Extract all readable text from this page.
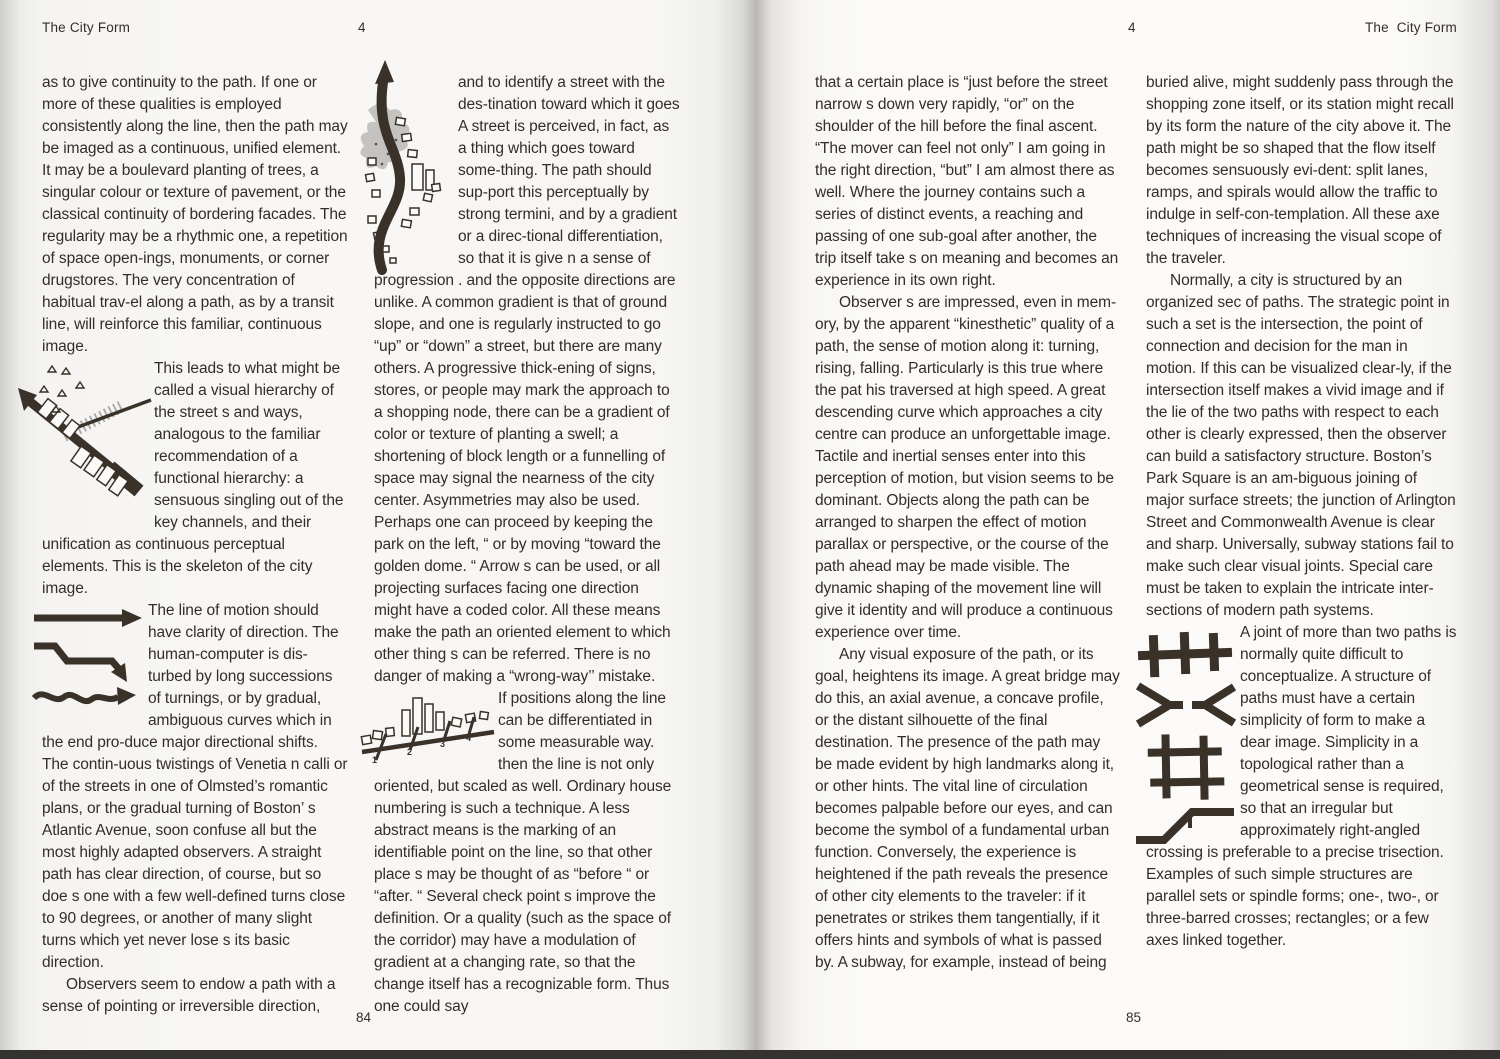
The City Form	4	4	The  City Form

as to give continuity to the path. If one or more of these qualities is employed consistently along the line, then the path may be imaged as a continuous, unified element. It may be a boulevard planting of trees, a singular colour or texture of pavement, or the classical continuity of bordering facades. The regularity may be a rhythmic one, a repetition of space open-ings, monuments, or corner drugstores. The very concentration of habitual trav-el along a path, as by a transit line, will reinforce this familiar, continuous image.

This leads to what might be called a visual hierarchy of the street s and ways, analogous to the familiar recommendation of a functional hierarchy: a sensuous singling out of the key channels, and their unification as continuous perceptual elements. This is the skeleton of the city image.

The line of motion should have clarity of direction. The human-computer is dis-turbed by long successions of turnings, or by gradual, ambiguous curves which in the end pro-duce major directional shifts. The contin-uous twistings of Venetia n calli or of the streets in one of Olmsted’s romantic plans, or the gradual turning of Boston’ s Atlantic Avenue, soon confuse all but the most highly adapted observers. A straight path has clear direction, of course, but so doe s one with a few well-defined turns close to 90 degrees, or another of many slight turns which yet never lose s its basic direction.

Observers seem to endow a path with a sense of pointing or irreversible direction,

and to identify a street with the des-tination toward which it goes A street is perceived, in fact, as a thing which goes toward some-thing. The path should sup-port this perceptually by strong termini, and by a gradient or a direc-tional differentiation, so that it is give n a sense of progression . and the opposite directions are unlike. A common gradient is that of ground slope, and one is regularly instructed to go “up” or “down” a street, but there are many others. A progressive thick-ening of signs, stores, or people may mark the approach to a shopping node, there can be a gradient of color or texture of planting a swell; a shortening of block length or a funnelling of space may signal the nearness of the city center. Asymmetries may also be used. Perhaps one can proceed by keeping the park on the left, “ or by moving “toward the golden dome. “ Arrow s can be used, or all projecting surfaces facing one direction might have a coded color. All these means make the path an oriented element to which other thing s can be referred. There is no danger of making a “wrong-way’’ mistake.

1
2
3
4

If positions along the line can be differentiated in some measurable way. then the line is not only oriented, but scaled as well. Ordinary house numbering is such a technique. A less abstract means is the marking of an identifiable point on the line, so that other place s may be thought of as “before “ or “after. “ Several check point s improve the definition. Or a quality (such as the space of the corridor) may have a modulation of gradient at a changing rate, so that the change itself has a recognizable form. Thus one could say

that a certain place is “just before the street narrow s down very rapidly, “or” on the shoulder of the hill before the final ascent. “The mover can feel not only” I am going in the right direction, “but” I am almost there as well. Where the journey contains such a series of distinct events, a reaching and passing of one sub-goal after another, the trip itself take s on meaning and becomes an experience in its own right.

Observer s are impressed, even in mem-ory, by the apparent “kinesthetic” quality of a path, the sense of motion along it: turning, rising, falling. Particularly is this true where the pat his traversed at high speed. A great descending curve which approaches a city centre can produce an unforgettable image. Tactile and inertial senses enter into this perception of motion, but vision seems to be dominant. Objects along the path can be arranged to sharpen the effect of motion parallax or perspective, or the course of the path ahead may be made visible. The dynamic shaping of the movement line will give it identity and will produce a continuous experience over time.

Any visual exposure of the path, or its goal, heightens its image. A great bridge may do this, an axial avenue, a concave profile, or the distant silhouette of the final destination. The presence of the path may be made evident by high landmarks along it, or other hints. The vital line of circulation becomes palpable before our eyes, and can become the symbol of a fundamental urban function. Conversely, the experience is heightened if the path reveals the presence of other city elements to the traveler: if it penetrates or strikes them tangentially, if it offers hints and symbols of what is passed by. A subway, for example, instead of being

buried alive, might suddenly pass through the shopping zone itself, or its station might recall by its form the nature of the city above it. The path might be so shaped that the flow itself becomes sensuously evi-dent: split lanes, ramps, and spirals would allow the traffic to indulge in self-con-templation. All these axe techniques of increasing the visual scope of the traveler.

Normally, a city is structured by an organized sec of paths. The strategic point in such a set is the intersection, the point of connection and decision for the man in motion. If this can be visualized clear-ly, if the intersection itself makes a vivid image and if the lie of the two paths with respect to each other is clearly expressed, then the observer can build a satisfactory structure. Boston’s Park Square is an am-biguous joining of major surface streets; the junction of Arlington Street and Commonwealth Avenue is clear and sharp. Universally, subway stations fail to make such clear visual joints. Special care must be taken to explain the intricate inter-sections of modern path systems.

A joint of more than two paths is normally quite difficult to conceptualize. A structure of paths must have a certain simplicity of form to make a dear image. Simplicity in a topological rather than a geometrical sense is required, so that an irregular but approximately right-angled crossing is preferable to a precise trisection. Examples of such simple structures are parallel sets or spindle forms; one-, two-, or three-barred crosses; rectangles; or a few axes linked together.

84	85
